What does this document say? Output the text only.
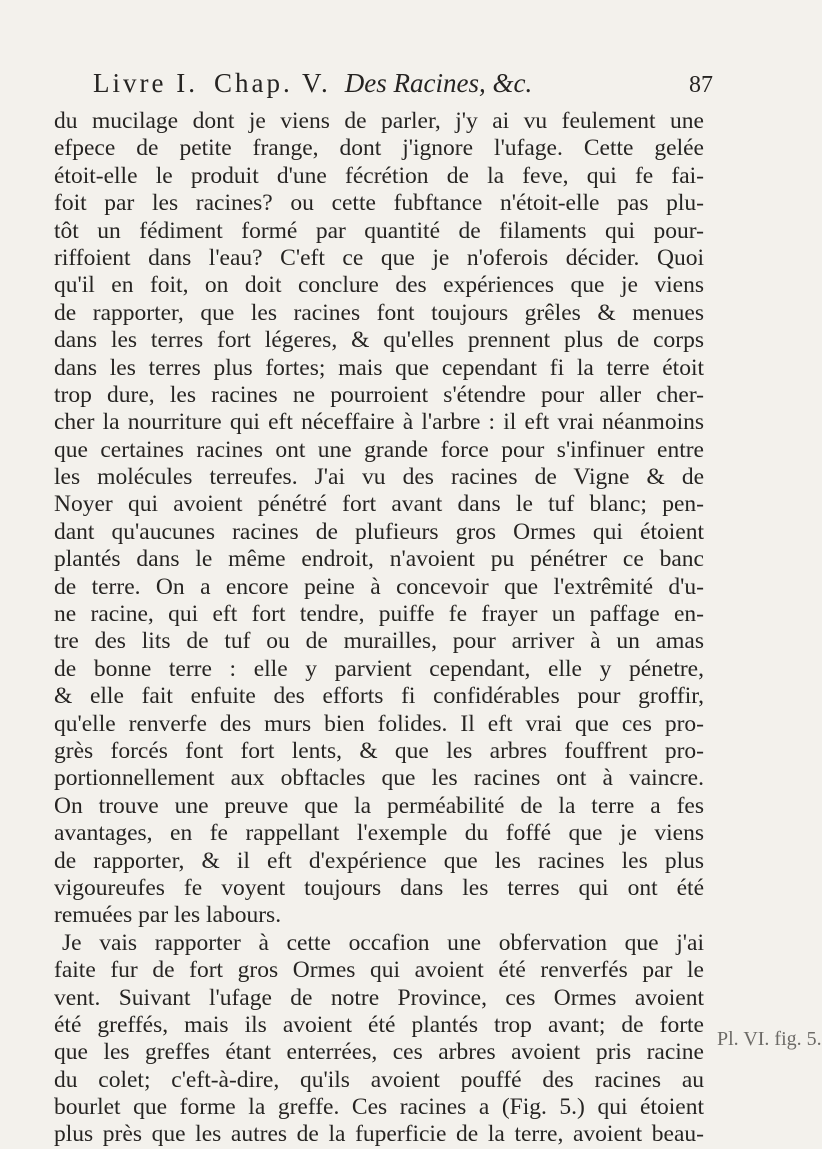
Livre I. Chap. V. Des Racines, &c.	87
du mucilage dont je viens de parler, j'y ai vu feulement une
efpece de petite frange, dont j'ignore l'ufage. Cette gelée
étoit-elle le produit d'une fécrétion de la feve, qui fe fai-
foit par les racines? ou cette fubftance n'étoit-elle pas plu-
tôt un fédiment formé par quantité de filaments qui pour-
riffoient dans l'eau? C'eft ce que je n'oferois décider. Quoi
qu'il en foit, on doit conclure des expériences que je viens
de rapporter, que les racines font toujours grêles & menues
dans les terres fort légeres, & qu'elles prennent plus de corps
dans les terres plus fortes; mais que cependant fi la terre étoit
trop dure, les racines ne pourroient s'étendre pour aller cher-
cher la nourriture qui eft néceffaire à l'arbre : il eft vrai néanmoins
que certaines racines ont une grande force pour s'infinuer entre
les molécules terreufes. J'ai vu des racines de Vigne & de
Noyer qui avoient pénétré fort avant dans le tuf blanc; pen-
dant qu'aucunes racines de plufieurs gros Ormes qui étoient
plantés dans le même endroit, n'avoient pu pénétrer ce banc
de terre. On a encore peine à concevoir que l'extrêmité d'u-
ne racine, qui eft fort tendre, puiffe fe frayer un paffage en-
tre des lits de tuf ou de murailles, pour arriver à un amas
de bonne terre : elle y parvient cependant, elle y pénetre,
& elle fait enfuite des efforts fi confidérables pour groffir,
qu'elle renverfe des murs bien folides. Il eft vrai que ces pro-
grès forcés font fort lents, & que les arbres fouffrent pro-
portionnellement aux obftacles que les racines ont à vaincre.
On trouve une preuve que la perméabilité de la terre a fes
avantages, en fe rappellant l'exemple du foffé que je viens
de rapporter, & il eft d'expérience que les racines les plus
vigoureufes fe voyent toujours dans les terres qui ont été
remuées par les labours.
Je vais rapporter à cette occafion une obfervation que j'ai
faite fur de fort gros Ormes qui avoient été renverfés par le
vent. Suivant l'ufage de notre Province, ces Ormes avoient
été greffés, mais ils avoient été plantés trop avant; de forte
que les greffes étant enterrées, ces arbres avoient pris racine
du colet; c'eft-à-dire, qu'ils avoient pouffé des racines au
bourlet que forme la greffe. Ces racines a (Fig. 5.) qui étoient
plus près que les autres de la fuperficie de la terre, avoient beau-
Pl. VI. fig. 5.
